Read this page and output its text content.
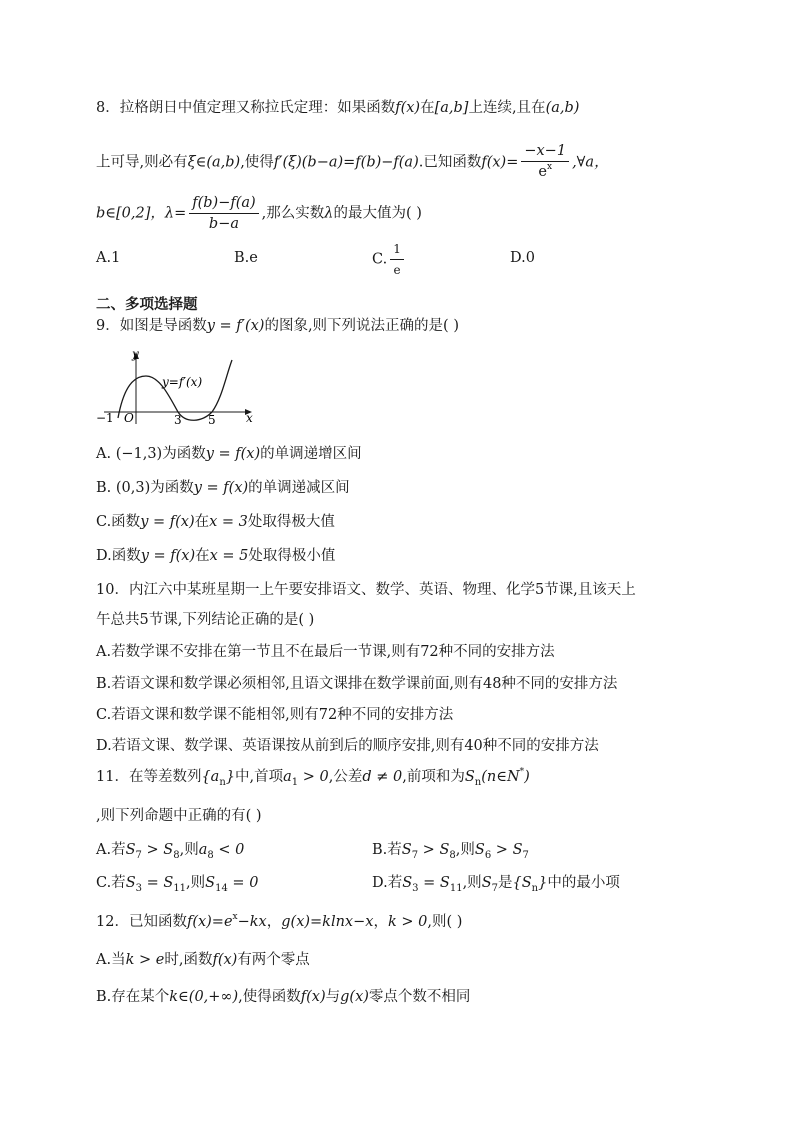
8．拉格朗日中值定理又称拉氏定理：如果函数f(x)在[a,b]上连续,且在(a,b)
上可导,则必有ξ∈(a,b),使得f′(ξ)(b−a)=f(b)−f(a).已知函数$f(x)= \frac{-x-1}{e^x}$ ,∀a，
b∈[0,2]，$\lambda= \frac{f(b)-f(a)}{b-a}$ ,那么实数λ的最大值为( )
A.1	B.e	C. $\frac{1}{e}$	D.0
二、多项选择题
9．如图是导函数y = f′(x)的图象,则下列说法正确的是( )
y
x
O
−1	3 5
y=f′(x)
A. (−1,3)为函数y = f(x)的单调递增区间
B. (0,3)为函数y = f(x)的单调递减区间
C.函数y = f(x)在x = 3处取得极大值
D.函数y = f(x)在x = 5处取得极小值
10．内江六中某班星期一上午要安排语文、数学、英语、物理、化学5节课,且该天上
午总共5节课,下列结论正确的是( )
A.若数学课不安排在第一节且不在最后一节课,则有72种不同的安排方法
B.若语文课和数学课必须相邻,且语文课排在数学课前面,则有48种不同的安排方法
C.若语文课和数学课不能相邻,则有72种不同的安排方法
D.若语文课、数学课、英语课按从前到后的顺序安排,则有40种不同的安排方法
11．在等差数列$\{a_n\}$中,首项$a_1 > 0$,公差d ≠ 0,前项和为$S_n(n\in N^*)$
,则下列命题中正确的有( )
A.若$S_7 > S_8$,则$a_8 < 0$	B.若$S_7 > S_8$,则$S_6 > S_7$
C.若$S_3 = S_{11}$,则$S_{14} = 0$	D.若$S_3 = S_{11}$,则$S_7$是$\{S_n\}$中的最小项
12．已知函数$f(x)=e^x-kx$，g(x)=klnx−x，k > 0,则( )
A.当k > e时,函数f(x)有两个零点
B.存在某个k∈(0,+∞),使得函数f(x)与g(x)零点个数不相同
